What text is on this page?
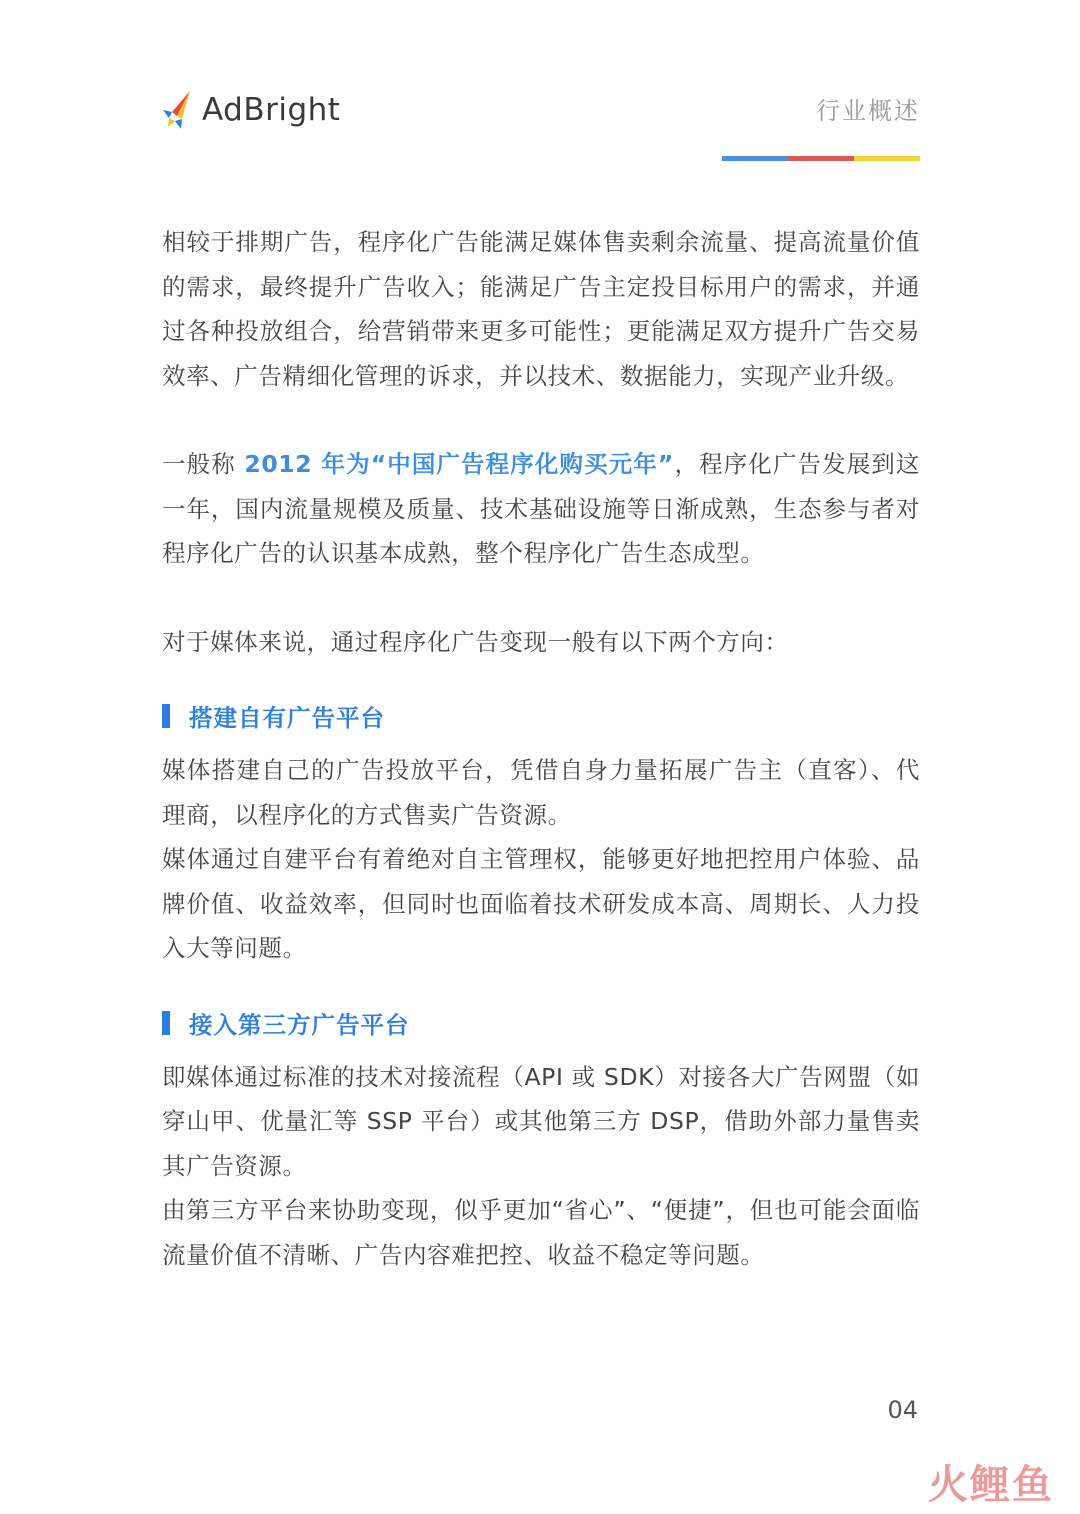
AdBright	行业概述

相较于排期广告，程序化广告能满足媒体售卖剩余流量、提高流量价值的需求，最终提升广告收入；能满足广告主定投目标用户的需求，并通过各种投放组合，给营销带来更多可能性；更能满足双方提升广告交易效率、广告精细化管理的诉求，并以技术、数据能力，实现产业升级。

一般称 2012 年为“中国广告程序化购买元年”，程序化广告发展到这一年，国内流量规模及质量、技术基础设施等日渐成熟，生态参与者对程序化广告的认识基本成熟，整个程序化广告生态成型。

对于媒体来说，通过程序化广告变现一般有以下两个方向：

搭建自有广告平台

媒体搭建自己的广告投放平台，凭借自身力量拓展广告主（直客）、代理商，以程序化的方式售卖广告资源。

媒体通过自建平台有着绝对自主管理权，能够更好地把控用户体验、品牌价值、收益效率，但同时也面临着技术研发成本高、周期长、人力投入大等问题。

接入第三方广告平台

即媒体通过标准的技术对接流程（API 或 SDK）对接各大广告网盟（如穿山甲、优量汇等 SSP 平台）或其他第三方 DSP，借助外部力量售卖其广告资源。

由第三方平台来协助变现，似乎更加“省心”、“便捷”，但也可能会面临流量价值不清晰、广告内容难把控、收益不稳定等问题。

04
火鲤鱼
